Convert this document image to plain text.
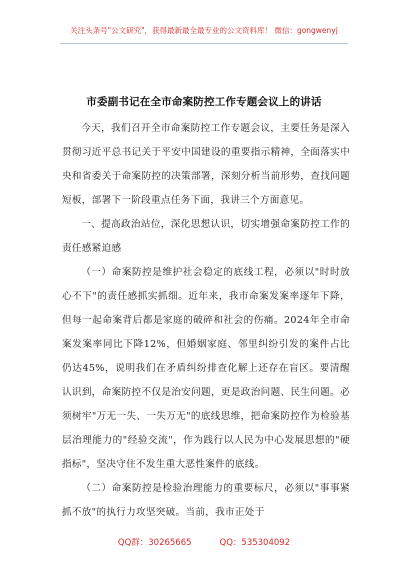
关注头条号"公文研究"，获得最新最全最专业的公文资料库！ 微信：gongwenyj
市委副书记在全市命案防控工作专题会议上的讲话

今天，我们召开全市命案防控工作专题会议，主要任务是深入贯彻习近平总书记关于平安中国建设的重要指示精神，全面落实中央和省委关于命案防控的决策部署，深刻分析当前形势，查找问题短板，部署下一阶段重点任务下面，我讲三个方面意见。

一、提高政治站位，深化思想认识，切实增强命案防控工作的责任感紧迫感

（一）命案防控是维护社会稳定的底线工程，必须以"时时放心不下"的责任感抓实抓细。近年来，我市命案发案率逐年下降，但每一起命案背后都是家庭的破碎和社会的伤痛。2024年全市命案发案率同比下降12%，但婚姻家庭、邻里纠纷引发的案件占比仍达45%，说明我们在矛盾纠纷排查化解上还存在盲区。要清醒认识到，命案防控不仅是治安问题，更是政治问题、民生问题。必须树牢"万无一失、一失万无"的底线思维，把命案防控作为检验基层治理能力的"经验交流"，作为践行以人民为中心发展思想的"硬指标"，坚决守住不发生重大恶性案件的底线。

（二）命案防控是检验治理能力的重要标尺，必须以"事事紧抓不放"的执行力攻坚突破。当前，我市正处于

QQ群：30265665	QQ：535304092
